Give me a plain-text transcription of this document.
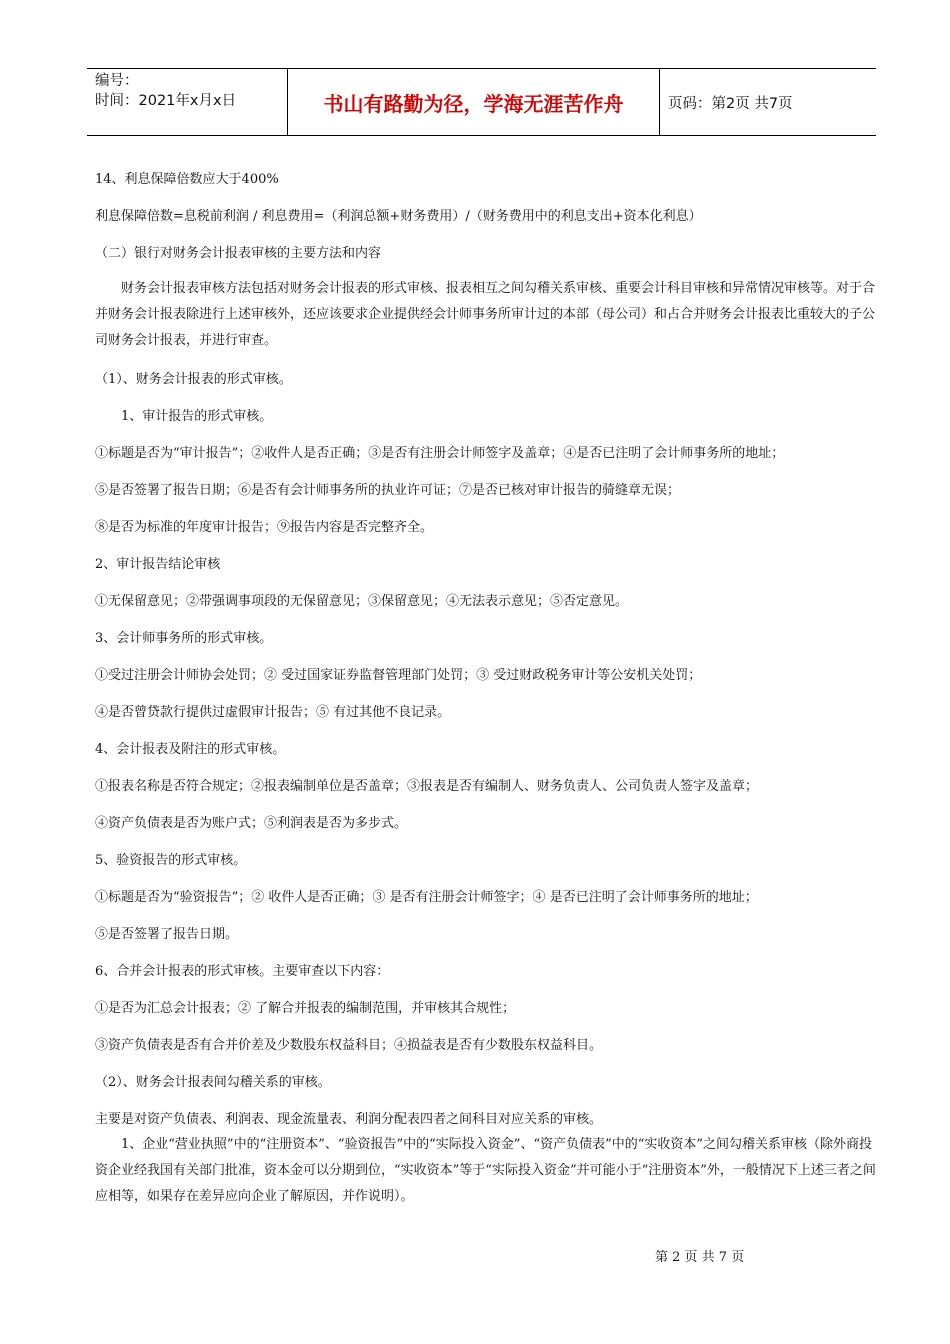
编号：
时间：2021年x月x日	书山有路勤为径，学海无涯苦作舟	页码：第2页 共7页

14、利息保障倍数应大于400%

利息保障倍数=息税前利润 / 利息费用=（利润总额+财务费用）/（财务费用中的利息支出+资本化利息）

（二）银行对财务会计报表审核的主要方法和内容

财务会计报表审核方法包括对财务会计报表的形式审核、报表相互之间勾稽关系审核、重要会计科目审核和异常情况审核等。对于合并财务会计报表除进行上述审核外，还应该要求企业提供经会计师事务所审计过的本部（母公司）和占合并财务会计报表比重较大的子公司财务会计报表，并进行审查。

（1）、财务会计报表的形式审核。

1、审计报告的形式审核。

①标题是否为“审计报告”；②收件人是否正确；③是否有注册会计师签字及盖章；④是否已注明了会计师事务所的地址；

⑤是否签署了报告日期；⑥是否有会计师事务所的执业许可证；⑦是否已核对审计报告的骑缝章无误；

⑧是否为标准的年度审计报告；⑨报告内容是否完整齐全。

2、审计报告结论审核

①无保留意见；②带强调事项段的无保留意见；③保留意见；④无法表示意见；⑤否定意见。

3、会计师事务所的形式审核。

①受过注册会计师协会处罚；② 受过国家证券监督管理部门处罚；③ 受过财政税务审计等公安机关处罚；

④是否曾贷款行提供过虚假审计报告；⑤ 有过其他不良记录。

4、会计报表及附注的形式审核。

①报表名称是否符合规定；②报表编制单位是否盖章；③报表是否有编制人、财务负责人、公司负责人签字及盖章；

④资产负债表是否为账户式；⑤利润表是否为多步式。

5、验资报告的形式审核。

①标题是否为“验资报告”；② 收件人是否正确；③ 是否有注册会计师签字；④ 是否已注明了会计师事务所的地址；

⑤是否签署了报告日期。

6、合并会计报表的形式审核。主要审查以下内容：

①是否为汇总会计报表；② 了解合并报表的编制范围，并审核其合规性；

③资产负债表是否有合并价差及少数股东权益科目；④损益表是否有少数股东权益科目。

（2）、财务会计报表间勾稽关系的审核。

主要是对资产负债表、利润表、现金流量表、利润分配表四者之间科目对应关系的审核。

1、企业“营业执照”中的“注册资本”、“验资报告”中的“实际投入资金”、“资产负债表”中的“实收资本”之间勾稽关系审核（除外商投资企业经我国有关部门批准，资本金可以分期到位，“实收资本”等于“实际投入资金”并可能小于“注册资本”外，一般情况下上述三者之间应相等，如果存在差异应向企业了解原因，并作说明）。

第 2 页 共 7 页
